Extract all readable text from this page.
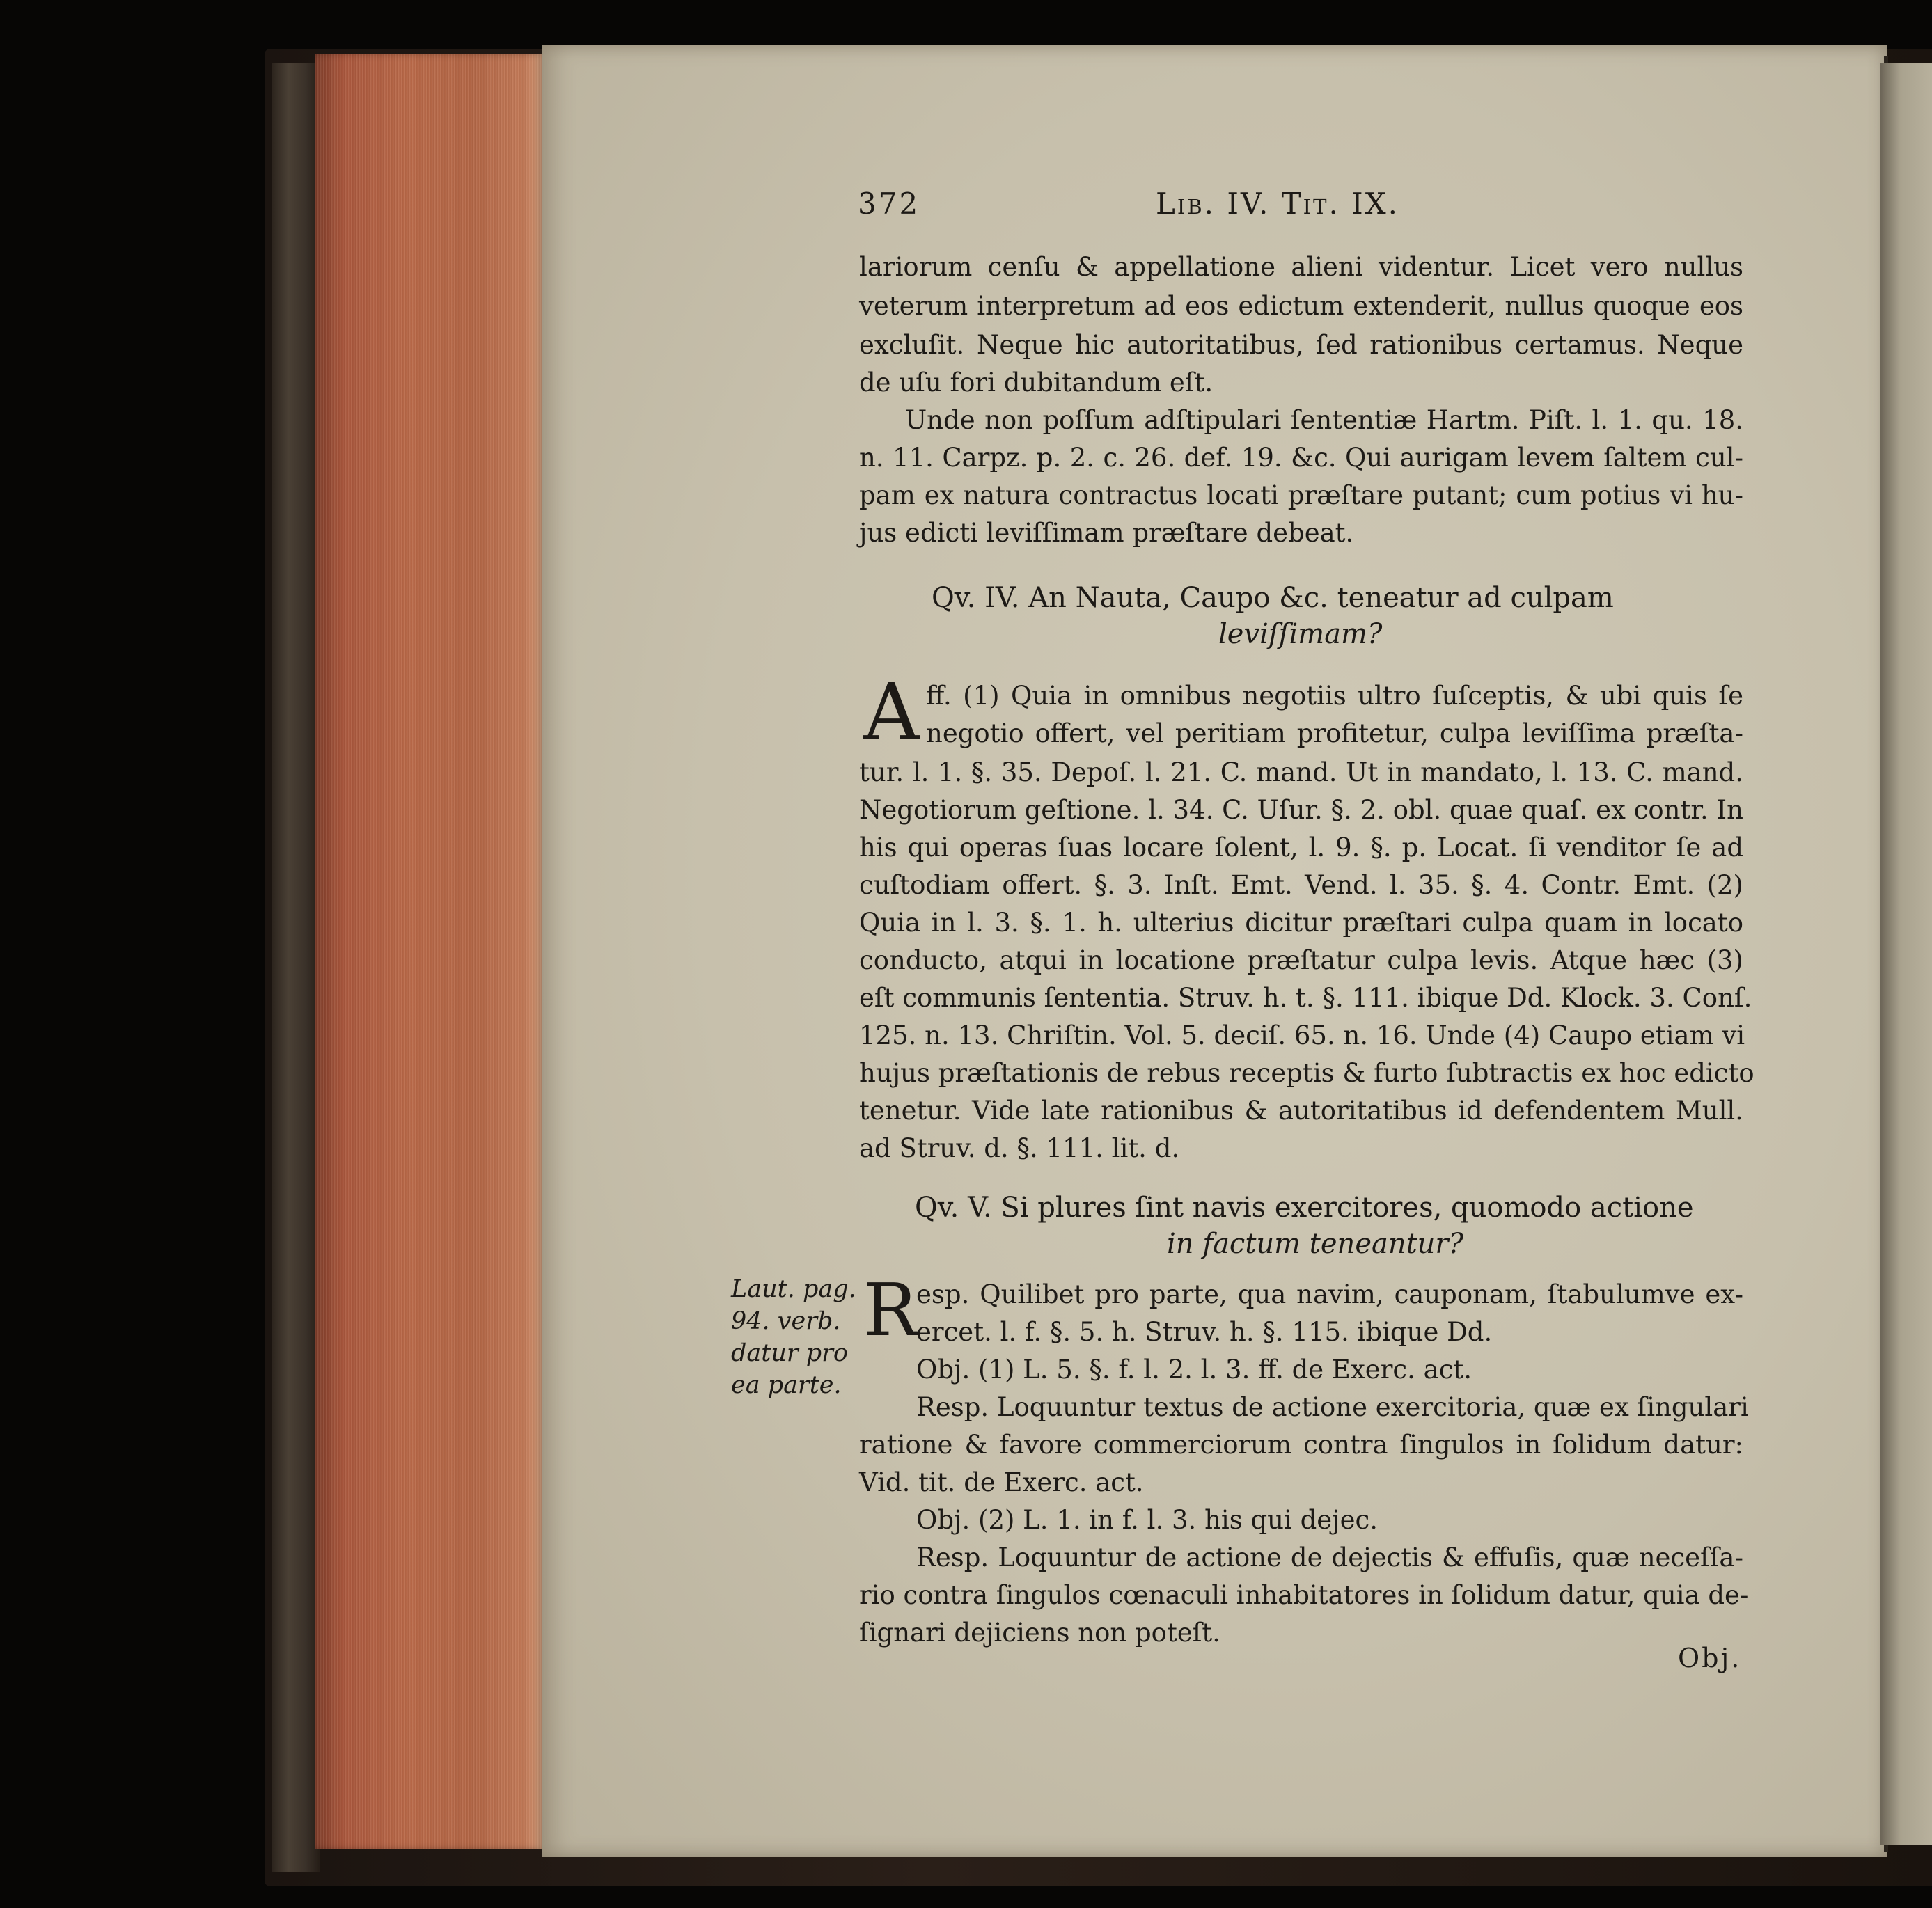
372	Lib. IV. Tit. IX.
lariorum cenſu & appellatione alieni videntur. Licet vero nullus
veterum interpretum ad eos edictum extenderit, nullus quoque eos
excluſit. Neque hic autoritatibus, ſed rationibus certamus. Neque
de uſu fori dubitandum eſt.
Unde non poſſum adſtipulari ſententiæ Hartm. Piſt. l. 1. qu. 18.
n. 11. Carpz. p. 2. c. 26. def. 19. &c. Qui aurigam levem ſaltem cul-
pam ex natura contractus locati præſtare putant; cum potius vi hu-
jus edicti leviſſimam præſtare debeat.
Qv. IV. An Nauta, Caupo &c. teneatur ad culpam
leviſſimam?
A ff. (1) Quia in omnibus negotiis ultro ſuſceptis, & ubi quis ſe
negotio offert, vel peritiam profitetur, culpa leviſſima præſta-
tur. l. 1. §. 35. Depoſ. l. 21. C. mand. Ut in mandato, l. 13. C. mand.
Negotiorum geſtione. l. 34. C. Uſur. §. 2. obl. quae quaſ. ex contr. In
his qui operas ſuas locare ſolent, l. 9. §. p. Locat. ſi venditor ſe ad
cuſtodiam offert. §. 3. Inſt. Emt. Vend. l. 35. §. 4. Contr. Emt. (2)
Quia in l. 3. §. 1. h. ulterius dicitur præſtari culpa quam in locato
conducto, atqui in locatione præſtatur culpa levis. Atque hæc (3)
eſt communis ſententia. Struv. h. t. §. 111. ibique Dd. Klock. 3. Conſ.
125. n. 13. Chriſtin. Vol. 5. deciſ. 65. n. 16. Unde (4) Caupo etiam vi
hujus præſtationis de rebus receptis & furto ſubtractis ex hoc edicto
tenetur. Vide late rationibus & autoritatibus id defendentem Mull.
ad Struv. d. §. 111. lit. d.
Qv. V. Si plures ſint navis exercitores, quomodo actione
in factum teneantur?
Laut. pag.
94. verb.
datur pro
ea parte.
R
esp. Quilibet pro parte, qua navim, cauponam, ſtabulumve ex-
ercet. l. f. §. 5. h. Struv. h. §. 115. ibique Dd.
Obj. (1) L. 5. §. f. l. 2. l. 3. ff. de Exerc. act.
Resp. Loquuntur textus de actione exercitoria, quæ ex ſingulari
ratione & favore commerciorum contra ſingulos in ſolidum datur:
Vid. tit. de Exerc. act.
Obj. (2) L. 1. in f. l. 3. his qui dejec.
Resp. Loquuntur de actione de dejectis & effuſis, quæ neceſſa-
rio contra ſingulos cœnaculi inhabitatores in ſolidum datur, quia de-
ſignari dejiciens non poteſt.
Obj.
